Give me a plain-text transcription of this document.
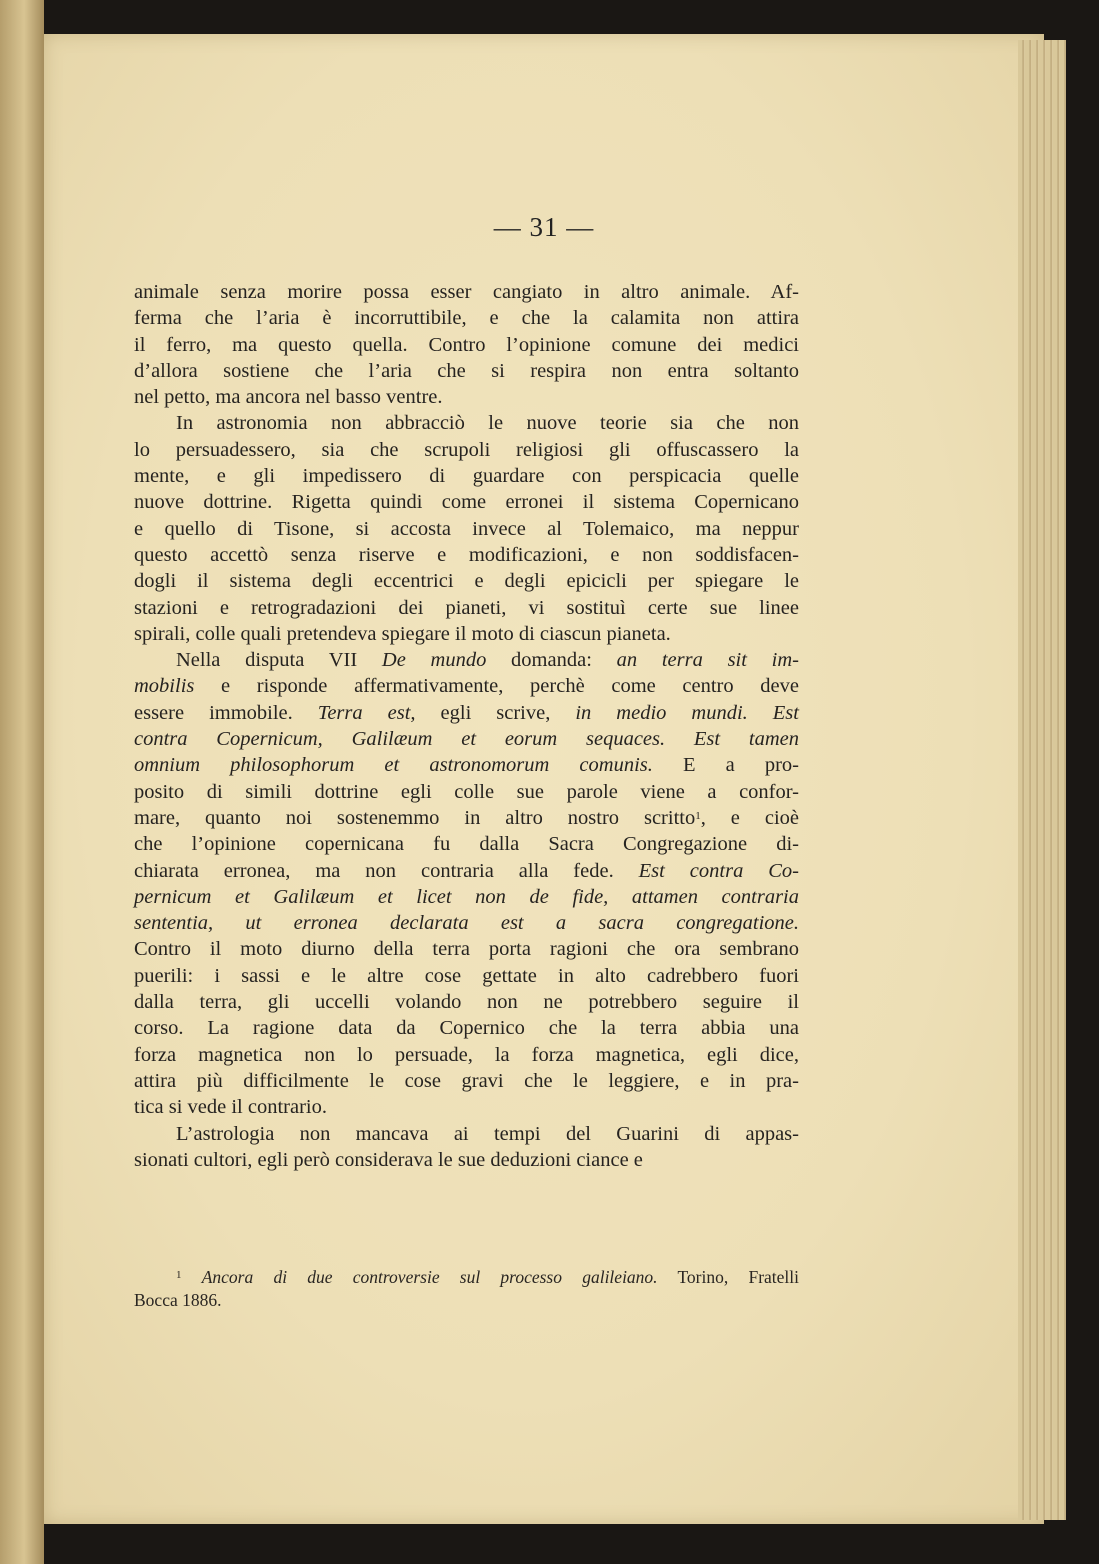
— 31 —
animale senza morire possa esser cangiato in altro animale. Af-
ferma che l’aria è incorruttibile, e che la calamita non attira
il ferro, ma questo quella. Contro l’opinione comune dei medici
d’allora sostiene che l’aria che si respira non entra soltanto
nel petto, ma ancora nel basso ventre.
In astronomia non abbracciò le nuove teorie sia che non
lo persuadessero, sia che scrupoli religiosi gli offuscassero la
mente, e gli impedissero di guardare con perspicacia quelle
nuove dottrine. Rigetta quindi come erronei il sistema Copernicano
e quello di Tisone, si accosta invece al Tolemaico, ma neppur
questo accettò senza riserve e modificazioni, e non soddisfacen-
dogli il sistema degli eccentrici e degli epicicli per spiegare le
stazioni e retrogradazioni dei pianeti, vi sostituì certe sue linee
spirali, colle quali pretendeva spiegare il moto di ciascun pianeta.
Nella disputa VII De mundo domanda: an terra sit im-
mobilis e risponde affermativamente, perchè come centro deve
essere immobile. Terra est, egli scrive, in medio mundi. Est
contra Copernicum, Galilæum et eorum sequaces. Est tamen
omnium philosophorum et astronomorum comunis. E a pro-
posito di simili dottrine egli colle sue parole viene a confor-
mare, quanto noi sostenemmo in altro nostro scritto$^1$, e cioè
che l’opinione copernicana fu dalla Sacra Congregazione di-
chiarata erronea, ma non contraria alla fede. Est contra Co-
pernicum et Galilæum et licet non de fide, attamen contraria
sententia, ut erronea declarata est a sacra congregatione.
Contro il moto diurno della terra porta ragioni che ora sembrano
puerili: i sassi e le altre cose gettate in alto cadrebbero fuori
dalla terra, gli uccelli volando non ne potrebbero seguire il
corso. La ragione data da Copernico che la terra abbia una
forza magnetica non lo persuade, la forza magnetica, egli dice,
attira più difficilmente le cose gravi che le leggiere, e in pra-
tica si vede il contrario.
L’astrologia non mancava ai tempi del Guarini di appas-
sionati cultori, egli però considerava le sue deduzioni ciance e
$^1$ Ancora di due controversie sul processo galileiano. Torino, Fratelli
Bocca 1886.
